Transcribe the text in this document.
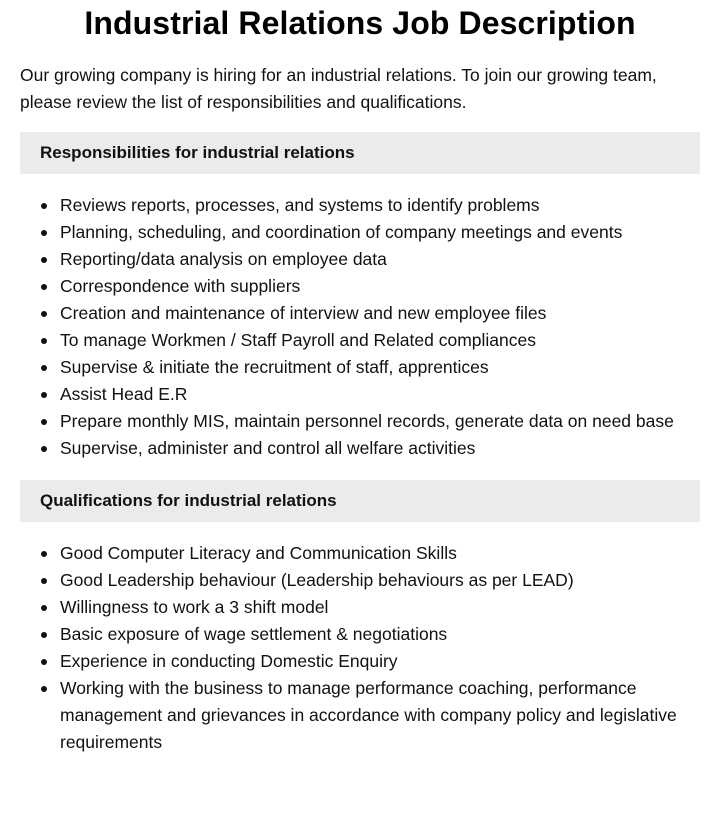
Industrial Relations Job Description

Our growing company is hiring for an industrial relations. To join our growing team, please review the list of responsibilities and qualifications.

Responsibilities for industrial relations
Reviews reports, processes, and systems to identify problems
Planning, scheduling, and coordination of company meetings and events
Reporting/data analysis on employee data
Correspondence with suppliers
Creation and maintenance of interview and new employee files
To manage Workmen / Staff Payroll and Related compliances
Supervise & initiate the recruitment of staff, apprentices
Assist Head E.R
Prepare monthly MIS, maintain personnel records, generate data on need base
Supervise, administer and control all welfare activities
Qualifications for industrial relations
Good Computer Literacy and Communication Skills
Good Leadership behaviour (Leadership behaviours as per LEAD)
Willingness to work a 3 shift model
Basic exposure of wage settlement & negotiations
Experience in conducting Domestic Enquiry
Working with the business to manage performance coaching, performance management and grievances in accordance with company policy and legislative requirements
